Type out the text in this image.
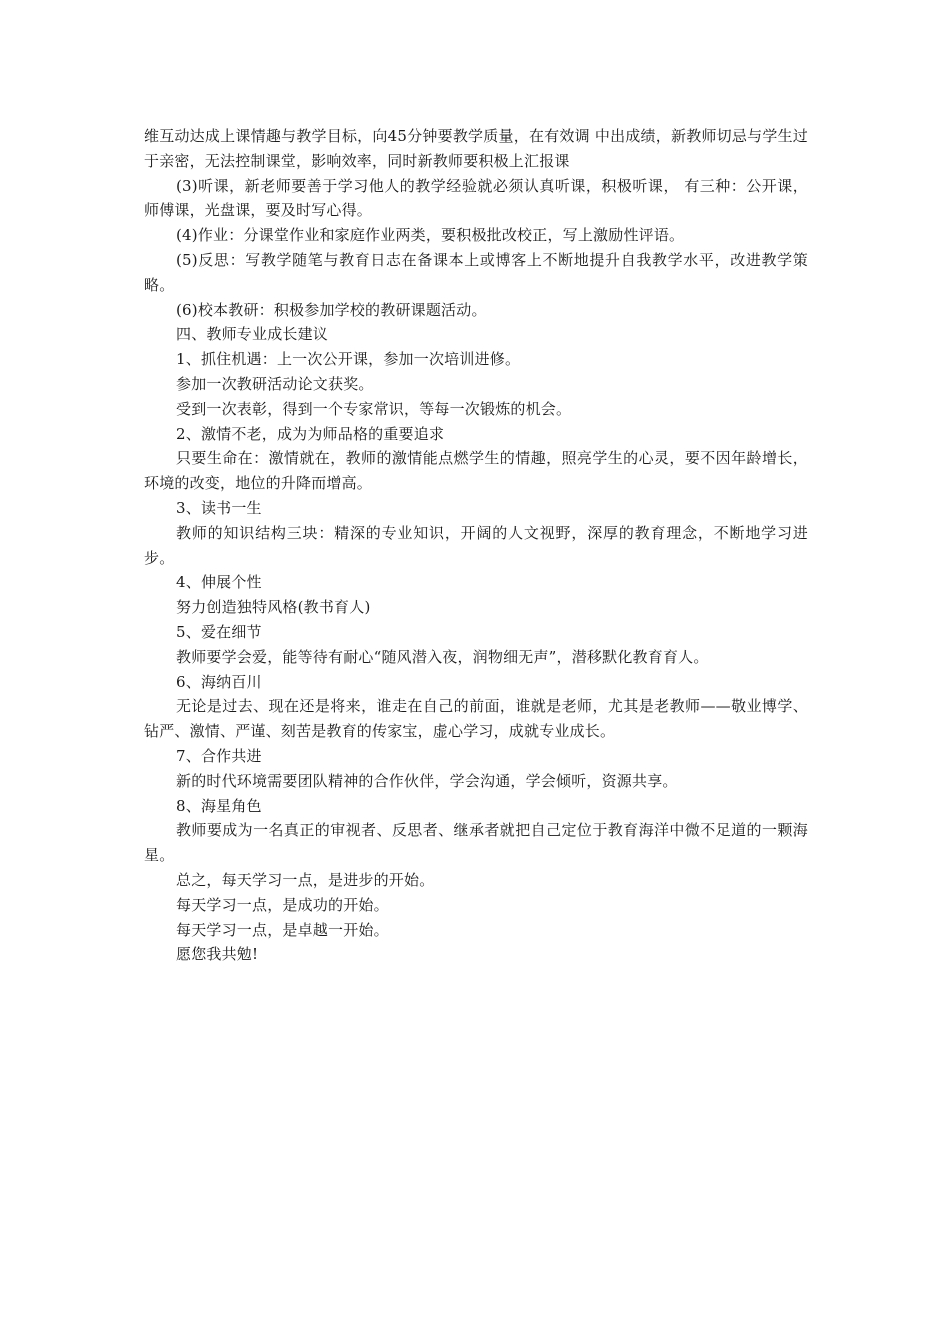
维互动达成上课情趣与教学目标，向45分钟要教学质量，在有效调 中出成绩，新教师切忌与学生过于亲密，无法控制课堂，影响效率，同时新教师要积极上汇报课

(3)听课，新老师要善于学习他人的教学经验就必须认真听课，积极听课， 有三种：公开课，师傅课，光盘课，要及时写心得。

(4)作业：分课堂作业和家庭作业两类，要积极批改校正，写上激励性评语。

(5)反思：写教学随笔与教育日志在备课本上或博客上不断地提升自我教学水平，改进教学策略。

(6)校本教研：积极参加学校的教研课题活动。

四、教师专业成长建议

1、抓住机遇：上一次公开课，参加一次培训进修。

参加一次教研活动论文获奖。

受到一次表彰，得到一个专家常识，等每一次锻炼的机会。

2、激情不老，成为为师品格的重要追求

只要生命在：激情就在，教师的激情能点燃学生的情趣，照亮学生的心灵，要不因年龄增长，环境的改变，地位的升降而增高。

3、读书一生

教师的知识结构三块：精深的专业知识，开阔的人文视野，深厚的教育理念，不断地学习进步。

4、伸展个性

努力创造独特风格(教书育人)

5、爱在细节

教师要学会爱，能等待有耐心“随风潜入夜，润物细无声”，潜移默化教育育人。

6、海纳百川

无论是过去、现在还是将来，谁走在自己的前面，谁就是老师，尤其是老教师——敬业博学、钻严、激情、严谨、刻苦是教育的传家宝，虚心学习，成就专业成长。

7、合作共进

新的时代环境需要团队精神的合作伙伴，学会沟通，学会倾听，资源共享。

8、海星角色

教师要成为一名真正的审视者、反思者、继承者就把自己定位于教育海洋中微不足道的一颗海星。

总之，每天学习一点，是进步的开始。

每天学习一点，是成功的开始。

每天学习一点，是卓越一开始。

愿您我共勉!
